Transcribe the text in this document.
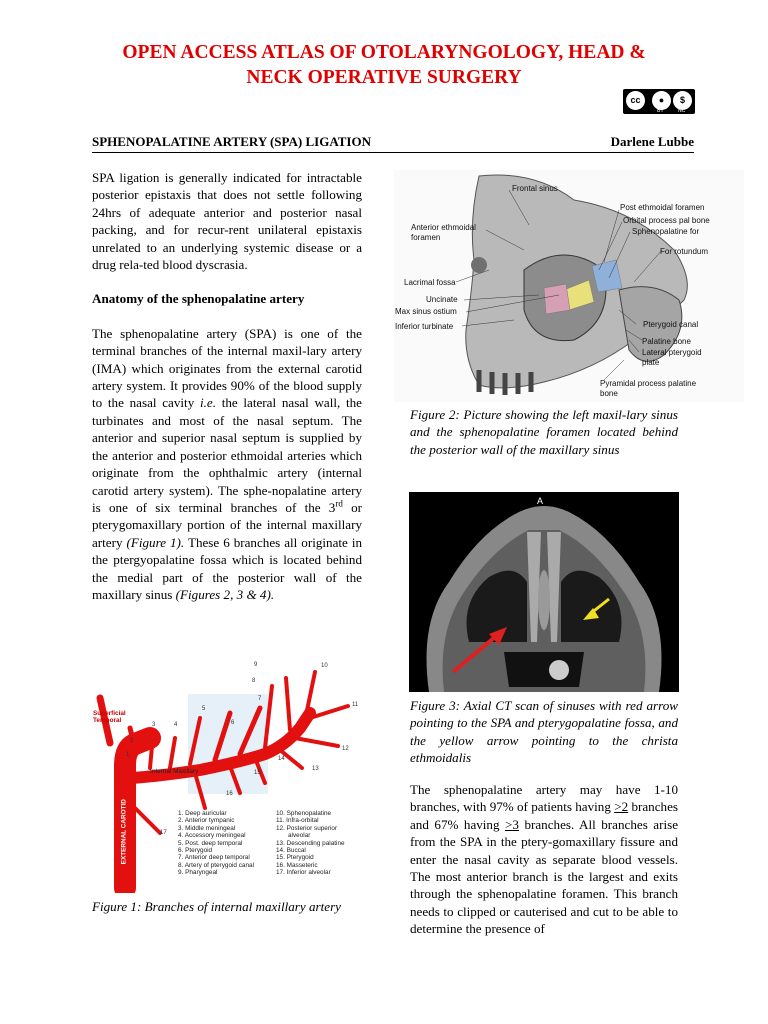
OPEN ACCESS ATLAS OF OTOLARYNGOLOGY, HEAD &
NECK OPERATIVE SURGERY
cc	●	$
BY	NC
SPHENOPALATINE ARTERY (SPA) LIGATION	Darlene Lubbe

SPA ligation is generally indicated for intractable posterior epistaxis that does not settle following 24hrs of adequate anterior and posterior nasal packing, and for recur-rent unilateral epistaxis unrelated to an underlying systemic disease or a drug rela-ted blood dyscrasia.

Anatomy of the sphenopalatine artery

The sphenopalatine artery (SPA) is one of the terminal branches of the internal maxil-lary artery (IMA) which originates from the external carotid artery system. It provides 90% of the blood supply to the nasal cavity i.e. the lateral nasal wall, the turbinates and most of the nasal septum. The anterior and superior nasal septum is supplied by the anterior and posterior ethmoidal arteries which originate from the ophthalmic artery (internal carotid artery system). The sphe-nopalatine artery is one of six terminal branches of the 3rd or pterygomaxillary portion of the internal maxillary artery (Figure 1). These 6 branches all originate in the ptergyopalatine fossa which is located behind the medial part of the posterior wall of the maxillary sinus (Figures 2, 3 & 4).

Superficial
Temporal
Internal Maxillary
EXTERNAL CAROTID
1
2
3	4
5
6
7
8
9	10
11
12
13
14
15
16
17
1. Deep auricular
2. Anterior tympanic
3. Middle meningeal
4. Accessory meningeal
5. Post. deep temporal
6. Pterygoid
7. Anterior deep temporal
8. Artery of pterygoid canal
9. Pharyngeal
10. Sphenopalatine
11. Infra-orbital
12. Posterior superior
alveolar
13. Descending palatine
14. Buccal
15. Pterygoid
16. Masseteric
17. Inferior alveolar
Figure 1: Branches of internal maxillary artery
Frontal sinus
Post ethmoidal foramen
Orbital process pal bone
Sphenopalatine for
Anterior ethmoidal
foramen
For rotundum
Lacrimal fossa
Uncinate
Max sinus ostium
Inferior turbinate	Pterygoid canal
Palatine bone
Lateral pterygoid
plate
Pyramidal process palatine
bone
Figure 2: Picture showing the left maxil-lary sinus and the sphenopalatine foramen located behind the posterior wall of the maxillary sinus
A
Figure 3: Axial CT scan of sinuses with red arrow pointing to the SPA and pterygopalatine fossa, and the yellow arrow pointing to the christa ethmoidalis

The sphenopalatine artery may have 1-10 branches, with 97% of patients having >2 branches and 67% having >3 branches. All branches arise from the SPA in the ptery-gomaxillary fissure and enter the nasal cavity as separate blood vessels. The most anterior branch is the largest and exits through the sphenopalatine foramen. This branch needs to clipped or cauterised and cut to be able to determine the presence of
